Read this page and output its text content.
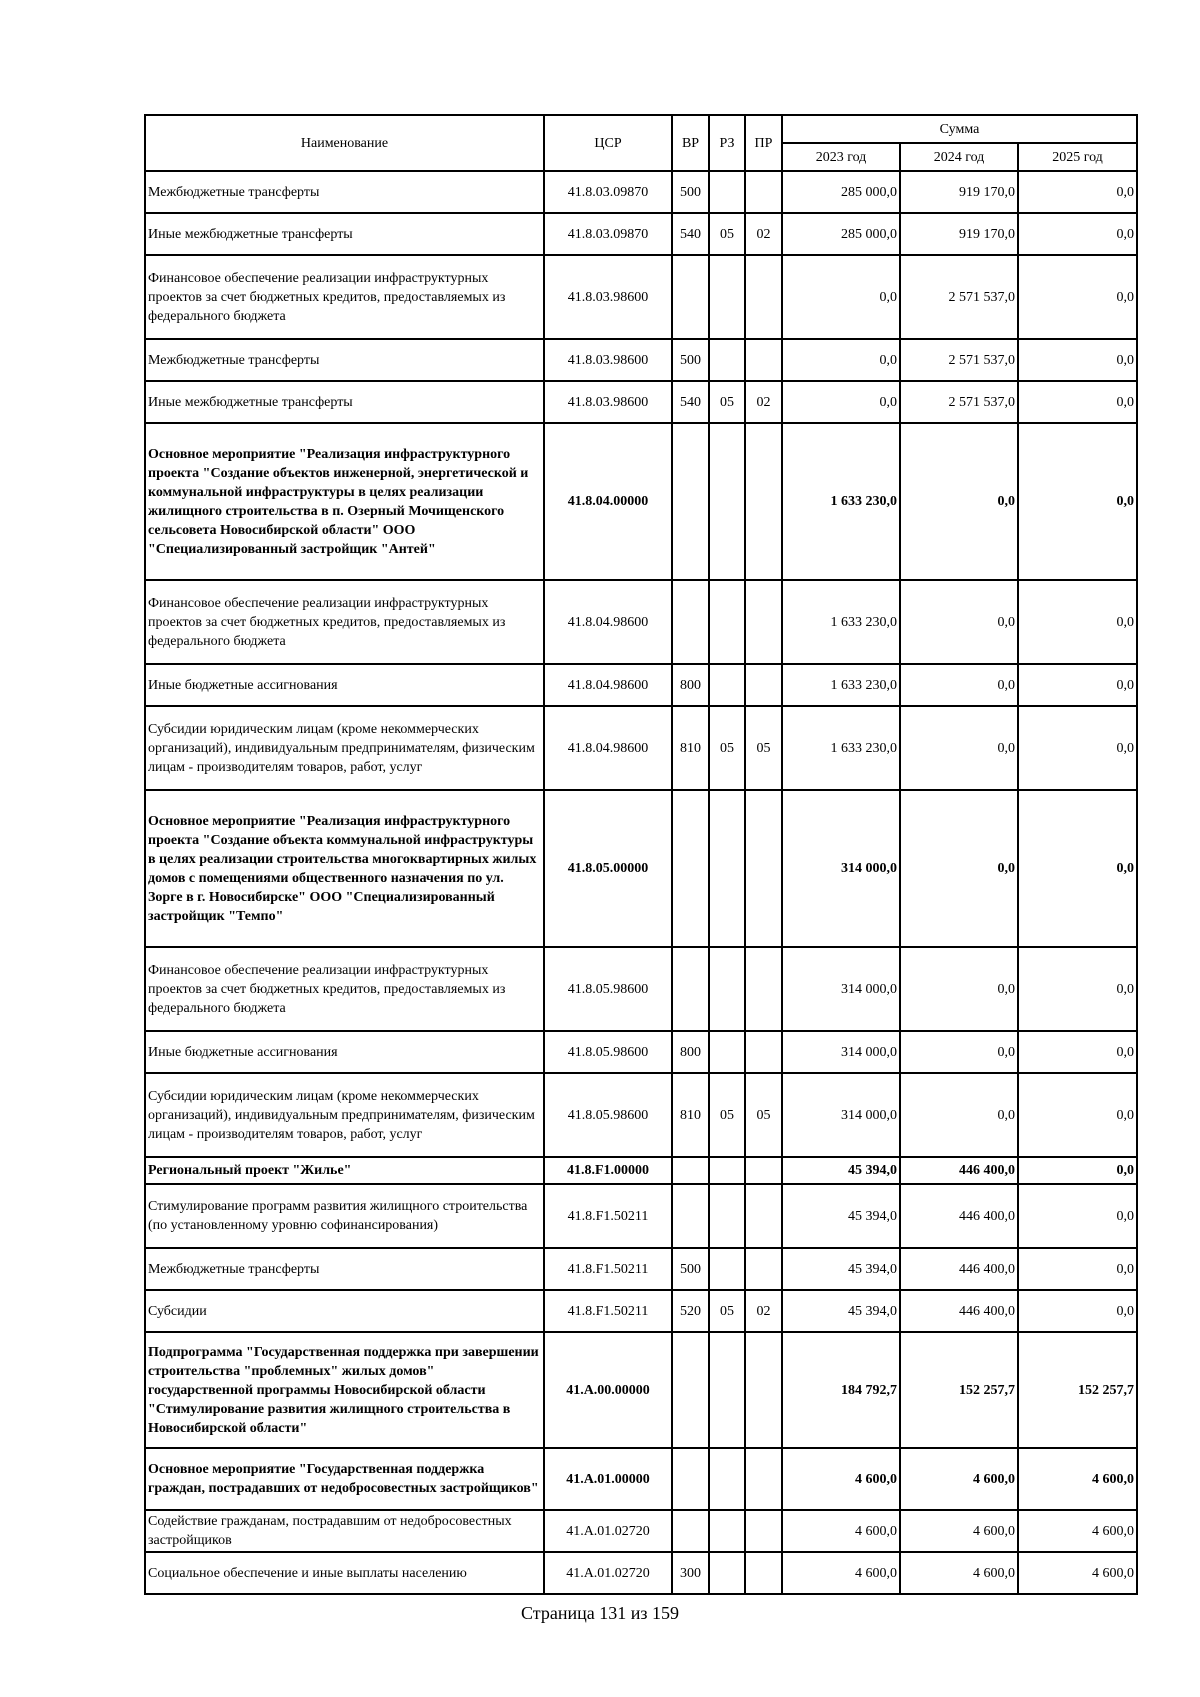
Наименование	ЦСР	ВР	РЗ	ПР	Сумма		
					2023 год	2024 год	2025 год
Межбюджетные трансферты	41.8.03.09870	500			285 000,0	919 170,0	0,0
Иные межбюджетные трансферты	41.8.03.09870	540	05	02	285 000,0	919 170,0	0,0
Финансовое обеспечение реализации инфраструктурных проектов за счет бюджетных кредитов, предоставляемых из федерального бюджета	41.8.03.98600				0,0	2 571 537,0	0,0
Межбюджетные трансферты	41.8.03.98600	500			0,0	2 571 537,0	0,0
Иные межбюджетные трансферты	41.8.03.98600	540	05	02	0,0	2 571 537,0	0,0
Основное мероприятие "Реализация инфраструктурного проекта "Создание объектов инженерной, энергетической и коммунальной инфраструктуры в целях реализации жилищного строительства в п. Озерный Мочищенского сельсовета Новосибирской области" ООО "Специализированный застройщик "Антей"	41.8.04.00000				1 633 230,0	0,0	0,0
Финансовое обеспечение реализации инфраструктурных проектов за счет бюджетных кредитов, предоставляемых из федерального бюджета	41.8.04.98600				1 633 230,0	0,0	0,0
Иные бюджетные ассигнования	41.8.04.98600	800			1 633 230,0	0,0	0,0
Субсидии юридическим лицам (кроме некоммерческих организаций), индивидуальным предпринимателям, физическим лицам - производителям товаров, работ, услуг	41.8.04.98600	810	05	05	1 633 230,0	0,0	0,0
Основное мероприятие "Реализация инфраструктурного проекта "Создание объекта коммунальной инфраструктуры в целях реализации строительства многоквартирных жилых домов с помещениями общественного назначения по ул. Зорге в г. Новосибирске" ООО "Специализированный застройщик "Темпо"	41.8.05.00000				314 000,0	0,0	0,0
Финансовое обеспечение реализации инфраструктурных проектов за счет бюджетных кредитов, предоставляемых из федерального бюджета	41.8.05.98600				314 000,0	0,0	0,0
Иные бюджетные ассигнования	41.8.05.98600	800			314 000,0	0,0	0,0
Субсидии юридическим лицам (кроме некоммерческих организаций), индивидуальным предпринимателям, физическим лицам - производителям товаров, работ, услуг	41.8.05.98600	810	05	05	314 000,0	0,0	0,0
Региональный проект "Жилье"	41.8.F1.00000				45 394,0	446 400,0	0,0
Стимулирование программ развития жилищного строительства (по установленному уровню софинансирования)	41.8.F1.50211				45 394,0	446 400,0	0,0
Межбюджетные трансферты	41.8.F1.50211	500			45 394,0	446 400,0	0,0
Субсидии	41.8.F1.50211	520	05	02	45 394,0	446 400,0	0,0
Подпрограмма "Государственная поддержка при завершении строительства "проблемных" жилых домов" государственной программы Новосибирской области "Стимулирование развития жилищного строительства в Новосибирской области"	41.A.00.00000				184 792,7	152 257,7	152 257,7
Основное мероприятие "Государственная поддержка граждан, пострадавших от недобросовестных застройщиков"	41.A.01.00000				4 600,0	4 600,0	4 600,0
Содействие гражданам, пострадавшим от недобросовестных застройщиков	41.A.01.02720				4 600,0	4 600,0	4 600,0
Социальное обеспечение и иные выплаты населению	41.A.01.02720	300			4 600,0	4 600,0	4 600,0
Страница 131 из 159
